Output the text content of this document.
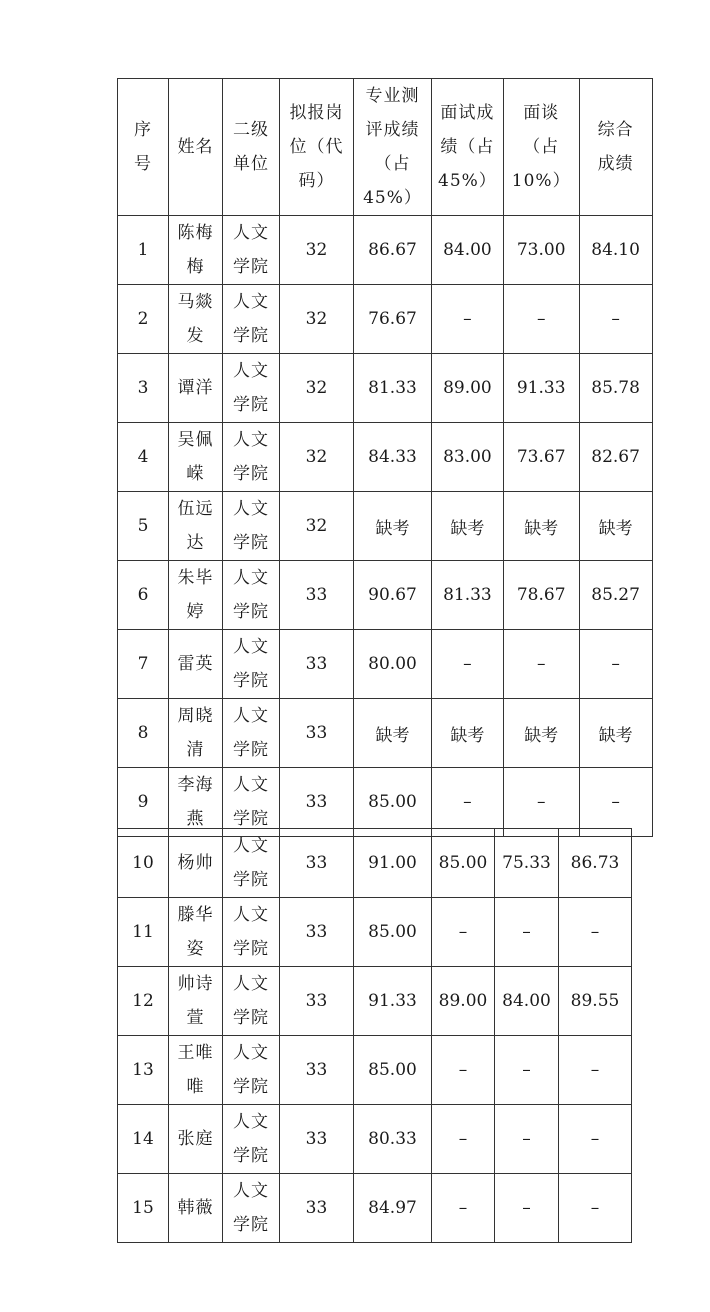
序号	姓名	二级单位	拟报岗位（代码）	专业测评成绩（占45%）	面试成绩（占45%）	面谈（占10%）	综合成绩
1	陈梅梅	人文学院	32	86.67	84.00	73.00	84.10
2	马燚发	人文学院	32	76.67	–	–	–
3	谭洋	人文学院	32	81.33	89.00	91.33	85.78
4	吴佩嵘	人文学院	32	84.33	83.00	73.67	82.67
5	伍远达	人文学院	32	缺考	缺考	缺考	缺考
6	朱毕婷	人文学院	33	90.67	81.33	78.67	85.27
7	雷英	人文学院	33	80.00	–	–	–
8	周晓清	人文学院	33	缺考	缺考	缺考	缺考
9	李海燕	人文学院	33	85.00	–	–	–
10	杨帅	人文学院	33	91.00	85.00	75.33	86.73
11	滕华姿	人文学院	33	85.00	–	–	–
12	帅诗萱	人文学院	33	91.33	89.00	84.00	89.55
13	王唯唯	人文学院	33	85.00	–	–	–
14	张庭	人文学院	33	80.33	–	–	–
15	韩薇	人文学院	33	84.97	–	–	–
